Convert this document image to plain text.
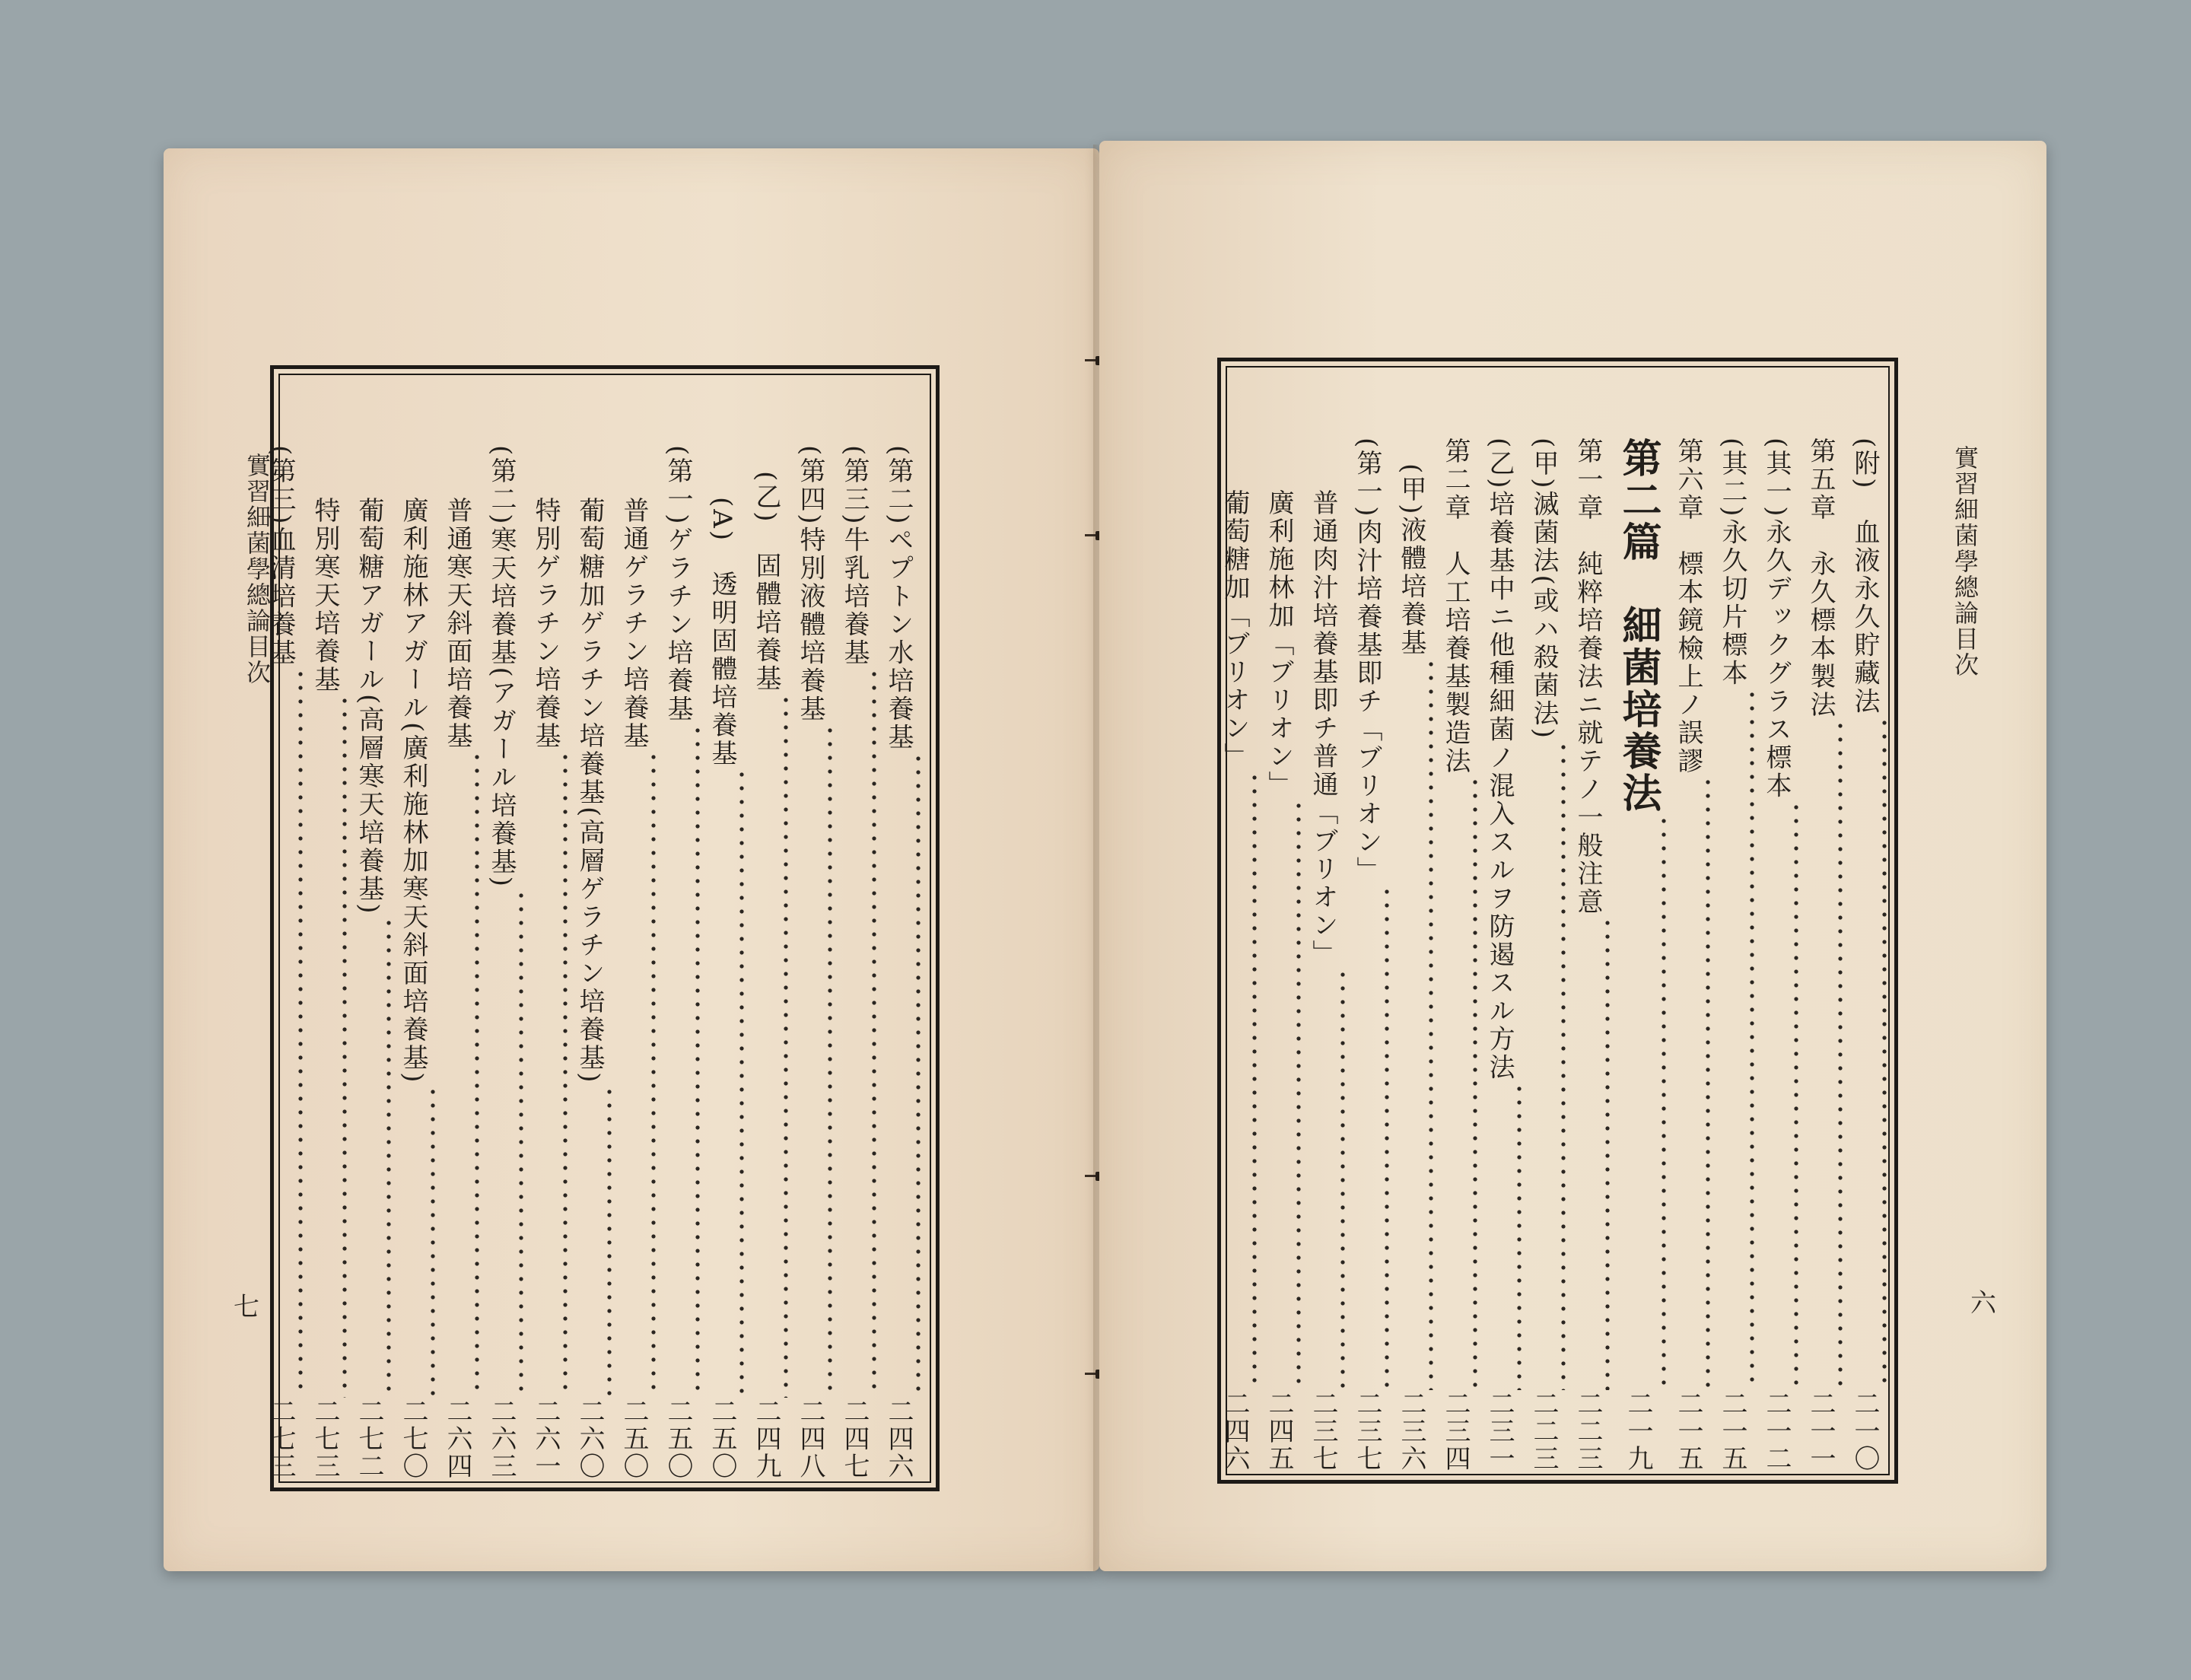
實習細菌學總論目次	(第二)ペプトン水培養基
二四六
(第三)牛乳培養基
二四七
(第四)特別液體培養基
二四八
(乙)　固體培養基
二四九
(A)　透明固體培養基
二五〇
(第一)ゲラチン培養基
二五〇
普通ゲラチン培養基
二五〇
葡萄糖加ゲラチン培養基(高層ゲラチン培養基)
二六〇
特別ゲラチン培養基
二六一
(第二)寒天培養基(アガール培養基)
二六三
普通寒天斜面培養基
二六四
廣利施林アガール(廣利施林加寒天斜面培養基)
二七〇
葡萄糖アガール(高層寒天培養基)
二七二
特別寒天培養基
二七三
(第三)血清培養基
二七三
七
實習細菌學總論目次
(附)　血液永久貯藏法
二一〇
第五章　永久標本製法
二一一
(其一)永久デックグラス標本
二一二
(其二)永久切片標本
二一五
第六章　標本鏡檢上ノ誤謬
二一五
第二篇　細菌培養法
二一九
第一章　純粹培養法ニ就テノ一般注意
二二三
(甲)滅菌法(或ハ殺菌法)
二二三
(乙)培養基中ニ他種細菌ノ混入スルヲ防遏スル方法
二三一
第二章　人工培養基製造法
二三四
(甲)液體培養基
二三六
(第一)肉汁培養基即チ「ブリオン」
二三七
普通肉汁培養基即チ普通「ブリオン」
二三七
廣利施林加「ブリオン」
二四五
葡萄糖加「ブリオン」
二四六
六
